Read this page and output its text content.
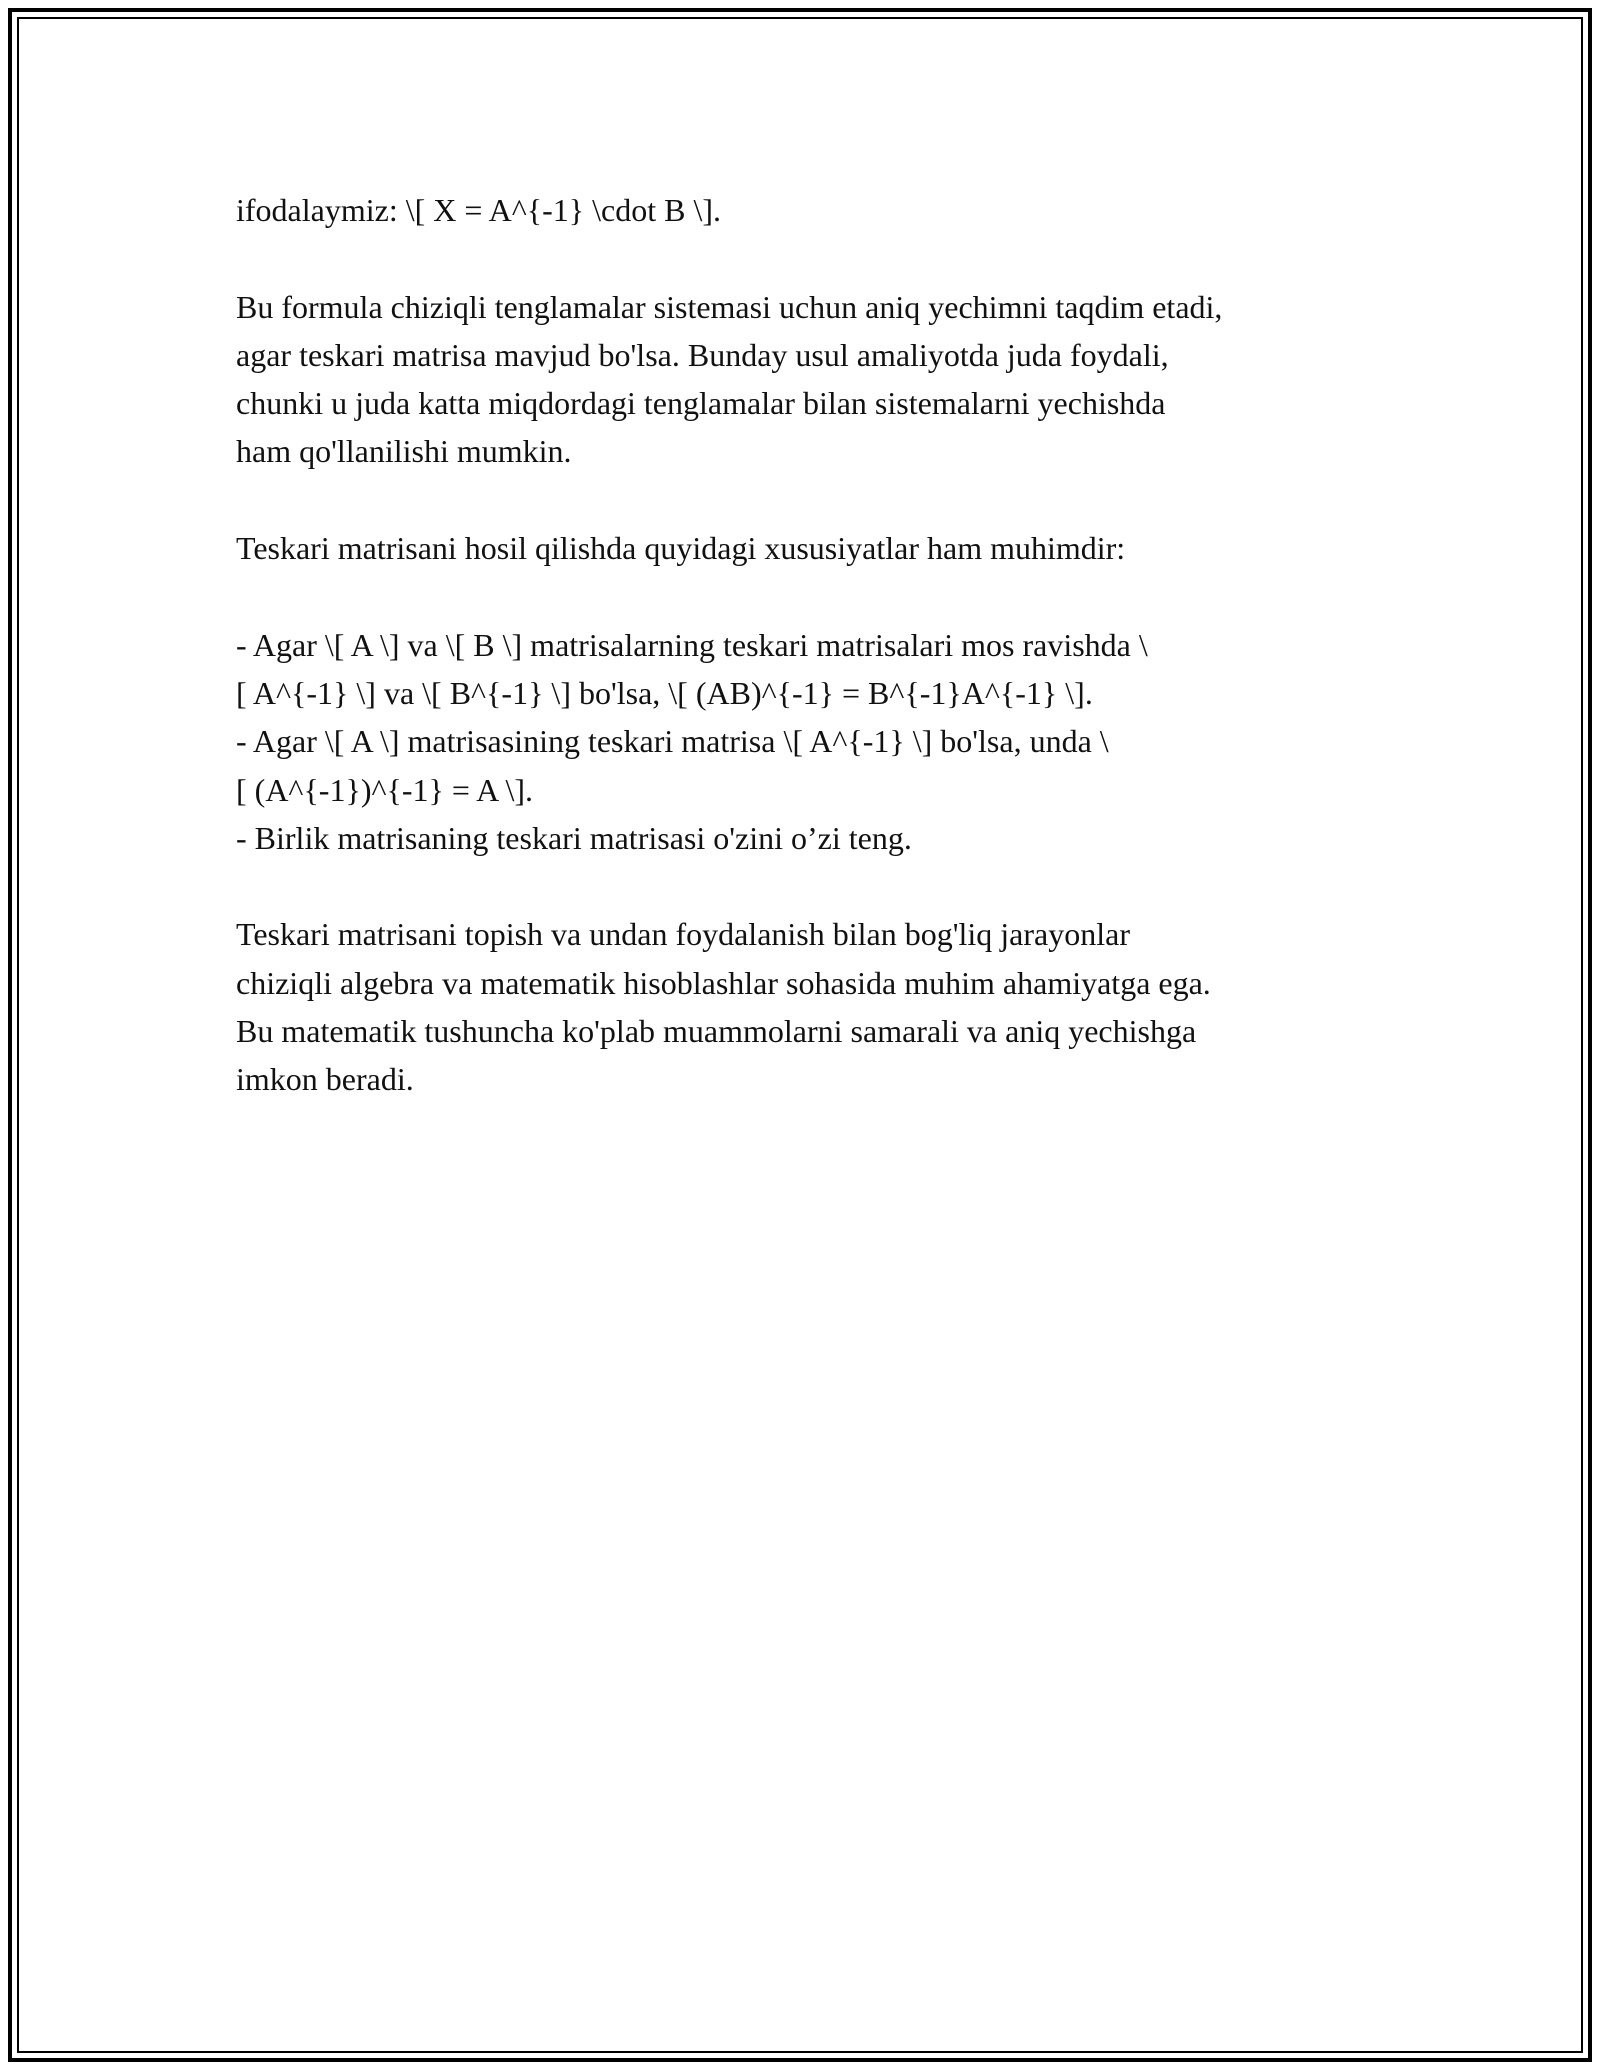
ifodalaymiz: \[ X = A^{-1} \cdot B \].
Bu formula chiziqli tenglamalar sistemasi uchun aniq yechimni taqdim etadi,
agar teskari matrisa mavjud bo'lsa. Bunday usul amaliyotda juda foydali,
chunki u juda katta miqdordagi tenglamalar bilan sistemalarni yechishda
ham qo'llanilishi mumkin.
Teskari matrisani hosil qilishda quyidagi xususiyatlar ham muhimdir:
- Agar \[ A \] va \[ B \] matrisalarning teskari matrisalari mos ravishda \
[ A^{-1} \] va \[ B^{-1} \] bo'lsa, \[ (AB)^{-1} = B^{-1}A^{-1} \].
- Agar \[ A \] matrisasining teskari matrisa \[ A^{-1} \] bo'lsa, unda \
[ (A^{-1})^{-1} = A \].
- Birlik matrisaning teskari matrisasi o'zini o’zi teng.
Teskari matrisani topish va undan foydalanish bilan bog'liq jarayonlar
chiziqli algebra va matematik hisoblashlar sohasida muhim ahamiyatga ega.
Bu matematik tushuncha ko'plab muammolarni samarali va aniq yechishga
imkon beradi.
